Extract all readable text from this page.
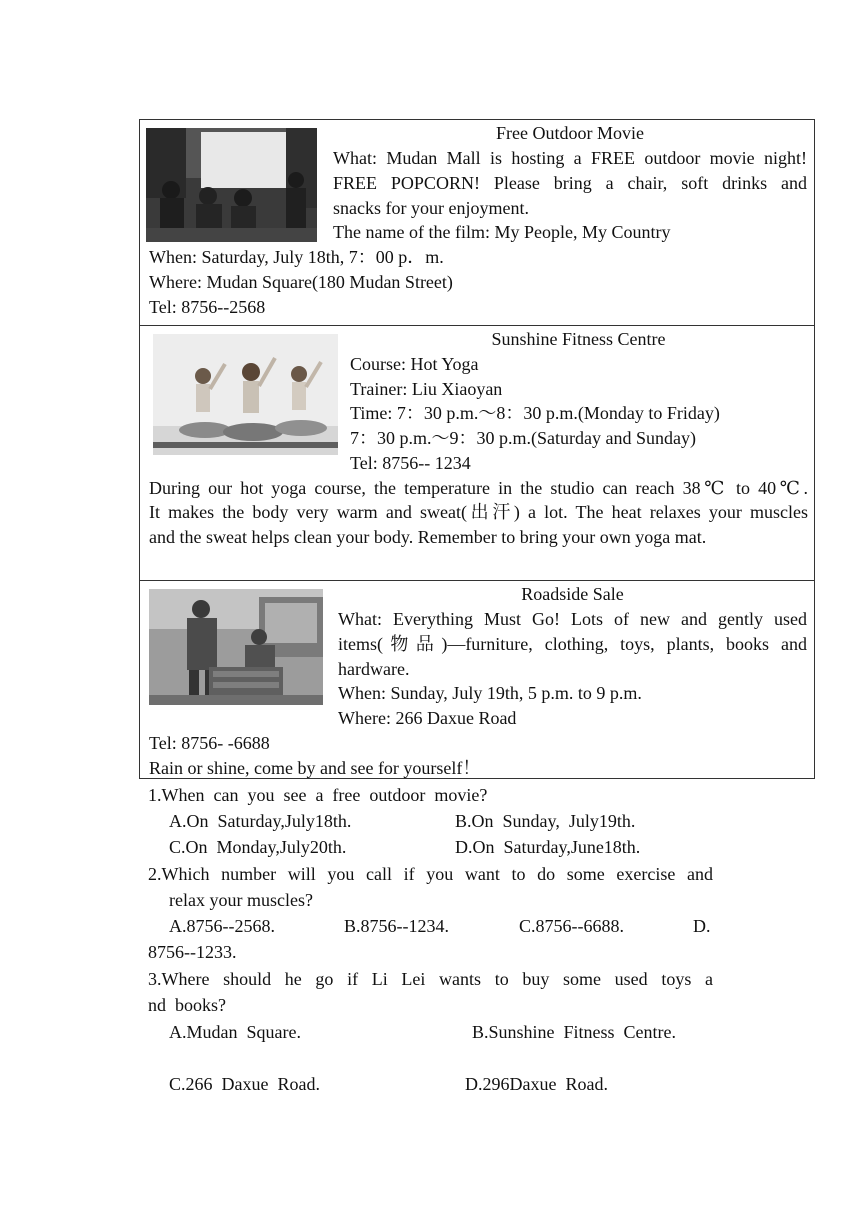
Free Outdoor Movie
What: Mudan Mall is hosting a FREE outdoor movie night!
FREE POPCORN! Please bring a chair, soft drinks and
snacks for your enjoyment.
The name of the film: My People, My Country
When: Saturday, July 18th, 7：00 p．m.
Where: Mudan Square(180 Mudan Street)
Tel: 8756--2568
Sunshine Fitness Centre
Course: Hot Yoga
Trainer: Liu Xiaoyan
Time: 7：30 p.m.～8：30 p.m.(Monday to Friday)
7：30 p.m.～9：30 p.m.(Saturday and Sunday)
Tel: 8756-- 1234
During our hot yoga course, the temperature in the studio can reach 38℃ to 40℃.
It makes the body very warm and sweat(出汗) a lot. The heat relaxes your muscles
and the sweat helps clean your body. Remember to bring your own yoga mat.
Roadside Sale
What: Everything Must Go! Lots of new and gently used
items(物品)—furniture, clothing, toys, plants, books and
hardware.
When: Sunday, July 19th, 5 p.m. to 9 p.m.
Where: 266 Daxue Road
Tel: 8756‑ -6688
Rain or shine, come by and see for yourself！
1.When  can  you  see  a  free  outdoor  movie?
A.On  Saturday,July18th.	B.On  Sunday,  July19th.
C.On  Monday,July20th.	D.On  Saturday,June18th.
2.Which number will you call if you want to do some exercise and
relax your muscles?
A.8756--2568.	B.8756--1234.	C.8756--6688.	D.
8756--1233.
3.Where should he go if Li Lei wants to buy some used toys a
nd  books?
A.Mudan  Square.	B.Sunshine  Fitness  Centre.
C.266  Daxue  Road.	D.296Daxue  Road.
